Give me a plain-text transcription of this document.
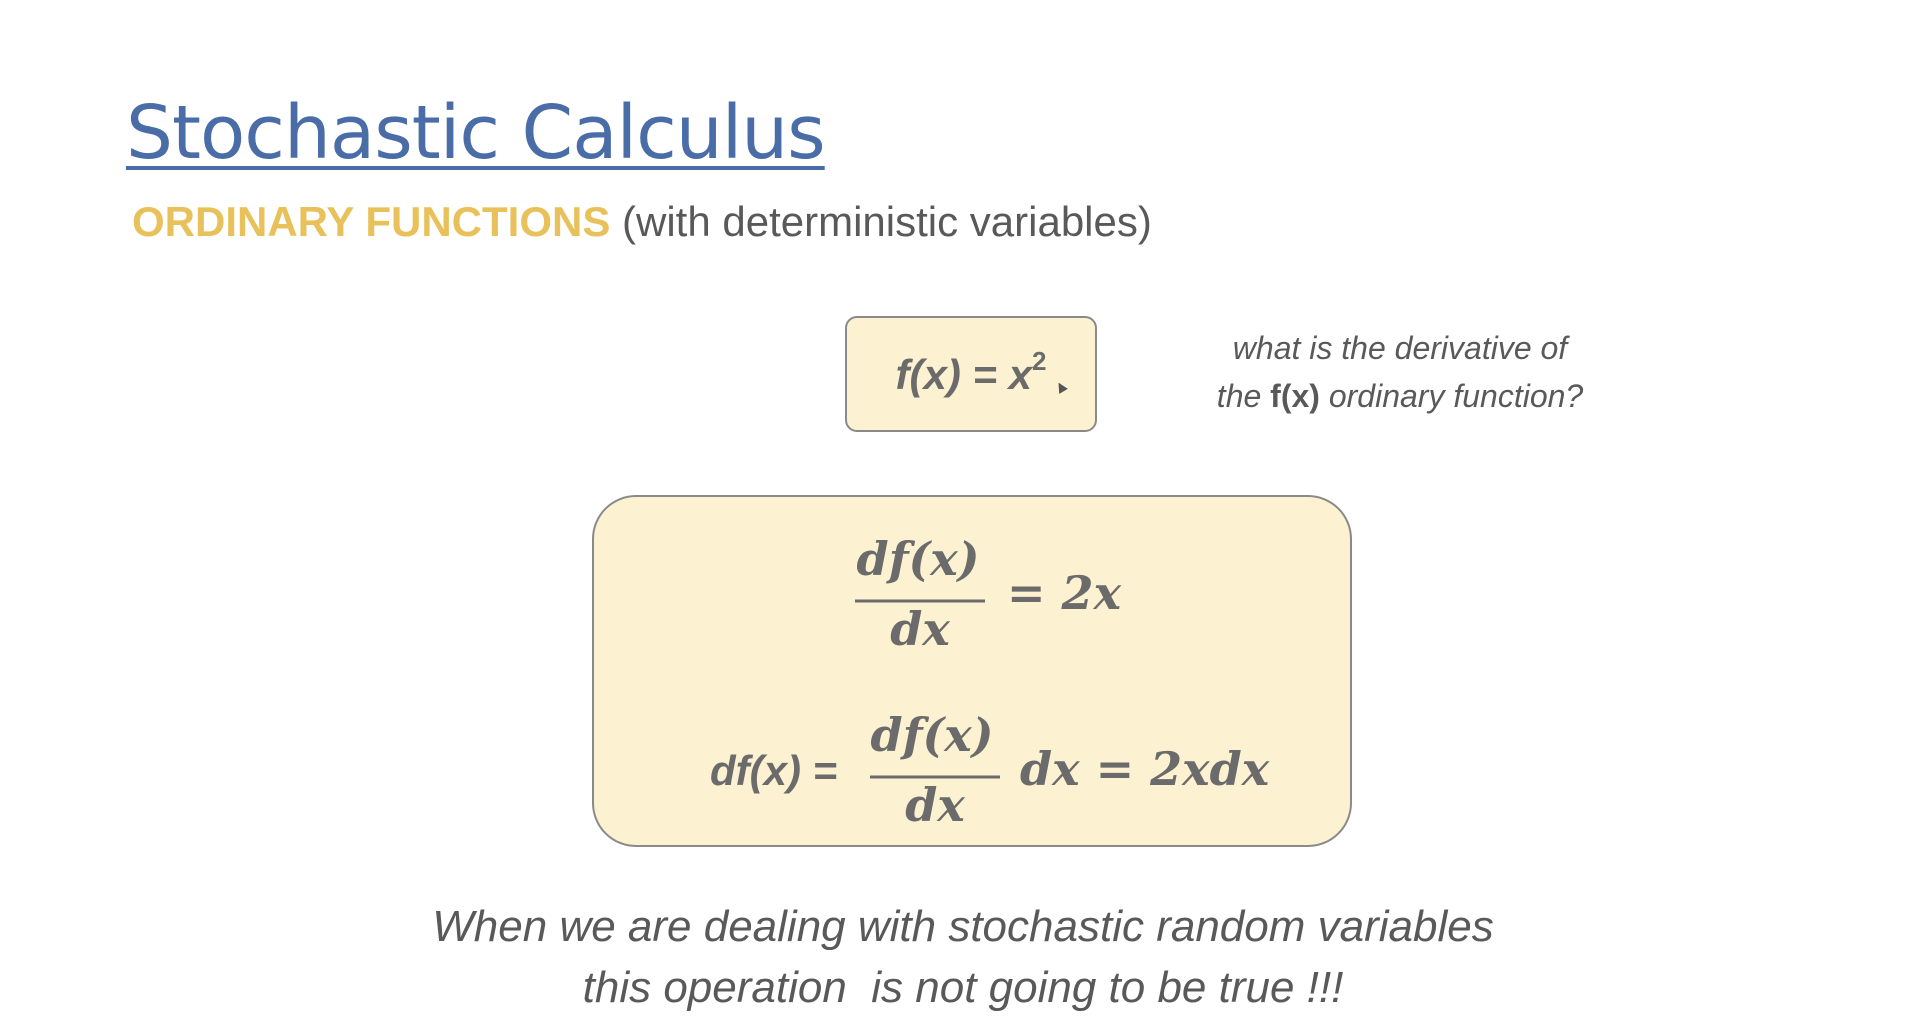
Stochastic Calculus
ORDINARY FUNCTIONS (with deterministic variables)
$f(x) = x^2$	what is the derivative of
the f(x) ordinary function?
df(x)
dx
= 2x
df(x) =
df(x)
dx
dx = 2xdx
When we are dealing with stochastic random variables
this operation  is not going to be true !!!
